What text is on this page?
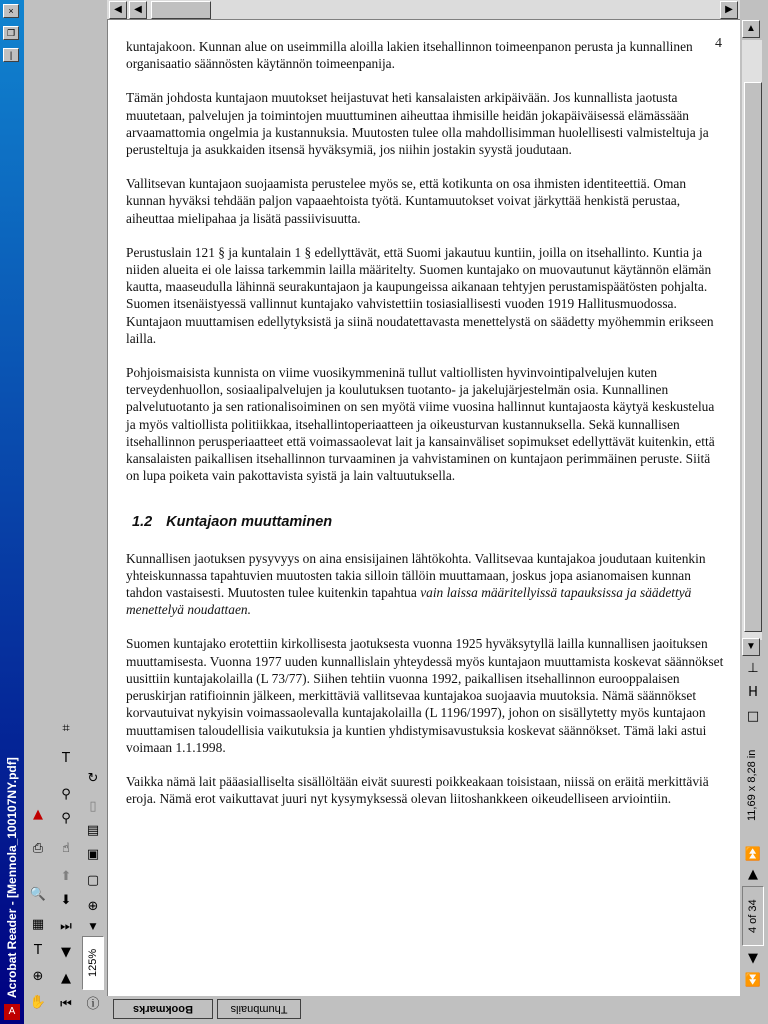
Acrobat Reader - [Mennola_100107NY.pdf]
A
×
❐
|
✋
⊕
T
▦
🔍
⎙
▲
⏮
▲
▼
⏭
⬇
⬆
☝
⚲
⚲
T
⌗
ⓘ
125%
▼
⊕
▢
▣
▤
▯
↻
◀	◀	▶
4

kuntajakoon. Kunnan alue on useimmilla aloilla lakien itsehallinnon toimeenpanon perusta ja kunnallinen organisaatio säännösten käytännön toimeenpanija.

Tämän johdosta kuntajaon muutokset heijastuvat heti kansalaisten arkipäivään. Jos kunnallista jaotusta muutetaan, palvelujen ja toimintojen muuttuminen aiheuttaa ihmisille heidän jokapäiväisessä elämässään arvaamattomia ongelmia ja kustannuksia. Muutosten tulee olla mahdollisimman huolellisesti valmisteltuja ja perusteltuja ja asukkaiden itsensä hyväksymiä, jos niihin jostakin syystä joudutaan.

Vallitsevan kuntajaon suojaamista perustelee myös se, että kotikunta on osa ihmisten identiteettiä. Oman kunnan hyväksi tehdään paljon vapaaehtoista työtä. Kuntamuutokset voivat järkyttää henkistä perustaa, aiheuttaa mielipahaa ja lisätä passiivisuutta.

Perustuslain 121 § ja kuntalain 1 § edellyttävät, että Suomi jakautuu kuntiin, joilla on itsehallinto. Kuntia ja niiden alueita ei ole laissa tarkemmin lailla määritelty. Suomen kuntajako on muovautunut käytännön elämän kautta, maaseudulla lähinnä seurakuntajaon ja kaupungeissa aikanaan tehtyjen perustamispäätösten pohjalta. Suomen itsenäistyessä vallinnut kuntajako vahvistettiin tosiasiallisesti vuoden 1919 Hallitusmuodossa. Kuntajaon muuttamisen edellytyksistä ja siinä noudatettavasta menettelystä on säädetty myöhemmin erikseen lailla.

Pohjoismaisista kunnista on viime vuosikymmeninä tullut valtiollisten hyvinvointipalvelujen kuten terveydenhuollon, sosiaalipalvelujen ja koulutuksen tuotanto- ja jakelujärjestelmän osia. Kunnallinen palvelutuotanto ja sen rationalisoiminen on sen myötä viime vuosina hallinnut kuntajaosta käytyä keskustelua ja myös valtiollista politiikkaa, itsehallintoperiaatteen ja oikeusturvan kustannuksella. Sekä kunnallisen itsehallinnon perusperiaatteet että voimassaolevat lait ja kansainväliset sopimukset edellyttävät kuitenkin, että kansalaisten paikallisen itsehallinnon turvaaminen ja vahvistaminen on kuntajaon perimmäinen peruste. Siitä on lupa poiketa vain pakottavista syistä ja lain valtuutuksella.

1.2 Kuntajaon muuttaminen

Kunnallisen jaotuksen pysyvyys on aina ensisijainen lähtökohta. Vallitsevaa kuntajakoa joudutaan kuitenkin yhteiskunnassa tapahtuvien muutosten takia silloin tällöin muuttamaan, joskus jopa asianomaisen kunnan tahdon vastaisesti. Muutosten tulee kuitenkin tapahtua vain laissa määritellyissä tapauksissa ja säädettyä menettelyä noudattaen.

Suomen kuntajako erotettiin kirkollisesta jaotuksesta vuonna 1925 hyväksytyllä lailla kunnallisen jaoituksen muuttamisesta. Vuonna 1977 uuden kunnallislain yhteydessä myös kuntajaon muuttamista koskevat säännökset uusittiin kuntajakolailla (L 73/77). Siihen tehtiin vuonna 1992, paikallisen itsehallinnon eurooppalaisen peruskirjan ratifioinnin jälkeen, merkittäviä vallitsevaa kuntajakoa suojaavia muutoksia. Nämä säännökset korvautuivat nykyisin voimassaolevalla kuntajakolailla (L 1196/1997), johon on sisällytetty myös kuntajaon muuttamisen taloudellisia vaikutuksia ja kuntien yhdistymisavustuksia koskevat säännökset. Tämä laki astui voimaan 1.1.1998.

Vaikka nämä lait pääasialliselta sisällöltään eivät suuresti poikkeakaan toisistaan, niissä on eräitä merkittäviä eroja. Nämä erot vaikuttavat juuri nyt kysymyksessä olevan liitoshankkeen oikeudelliseen arviointiin.

Bookmarks	Thumbnails
▲
▼
⊥
H
□
11,69 x 8,28 in
⏫
▲
4 of 34
▼
⏬
